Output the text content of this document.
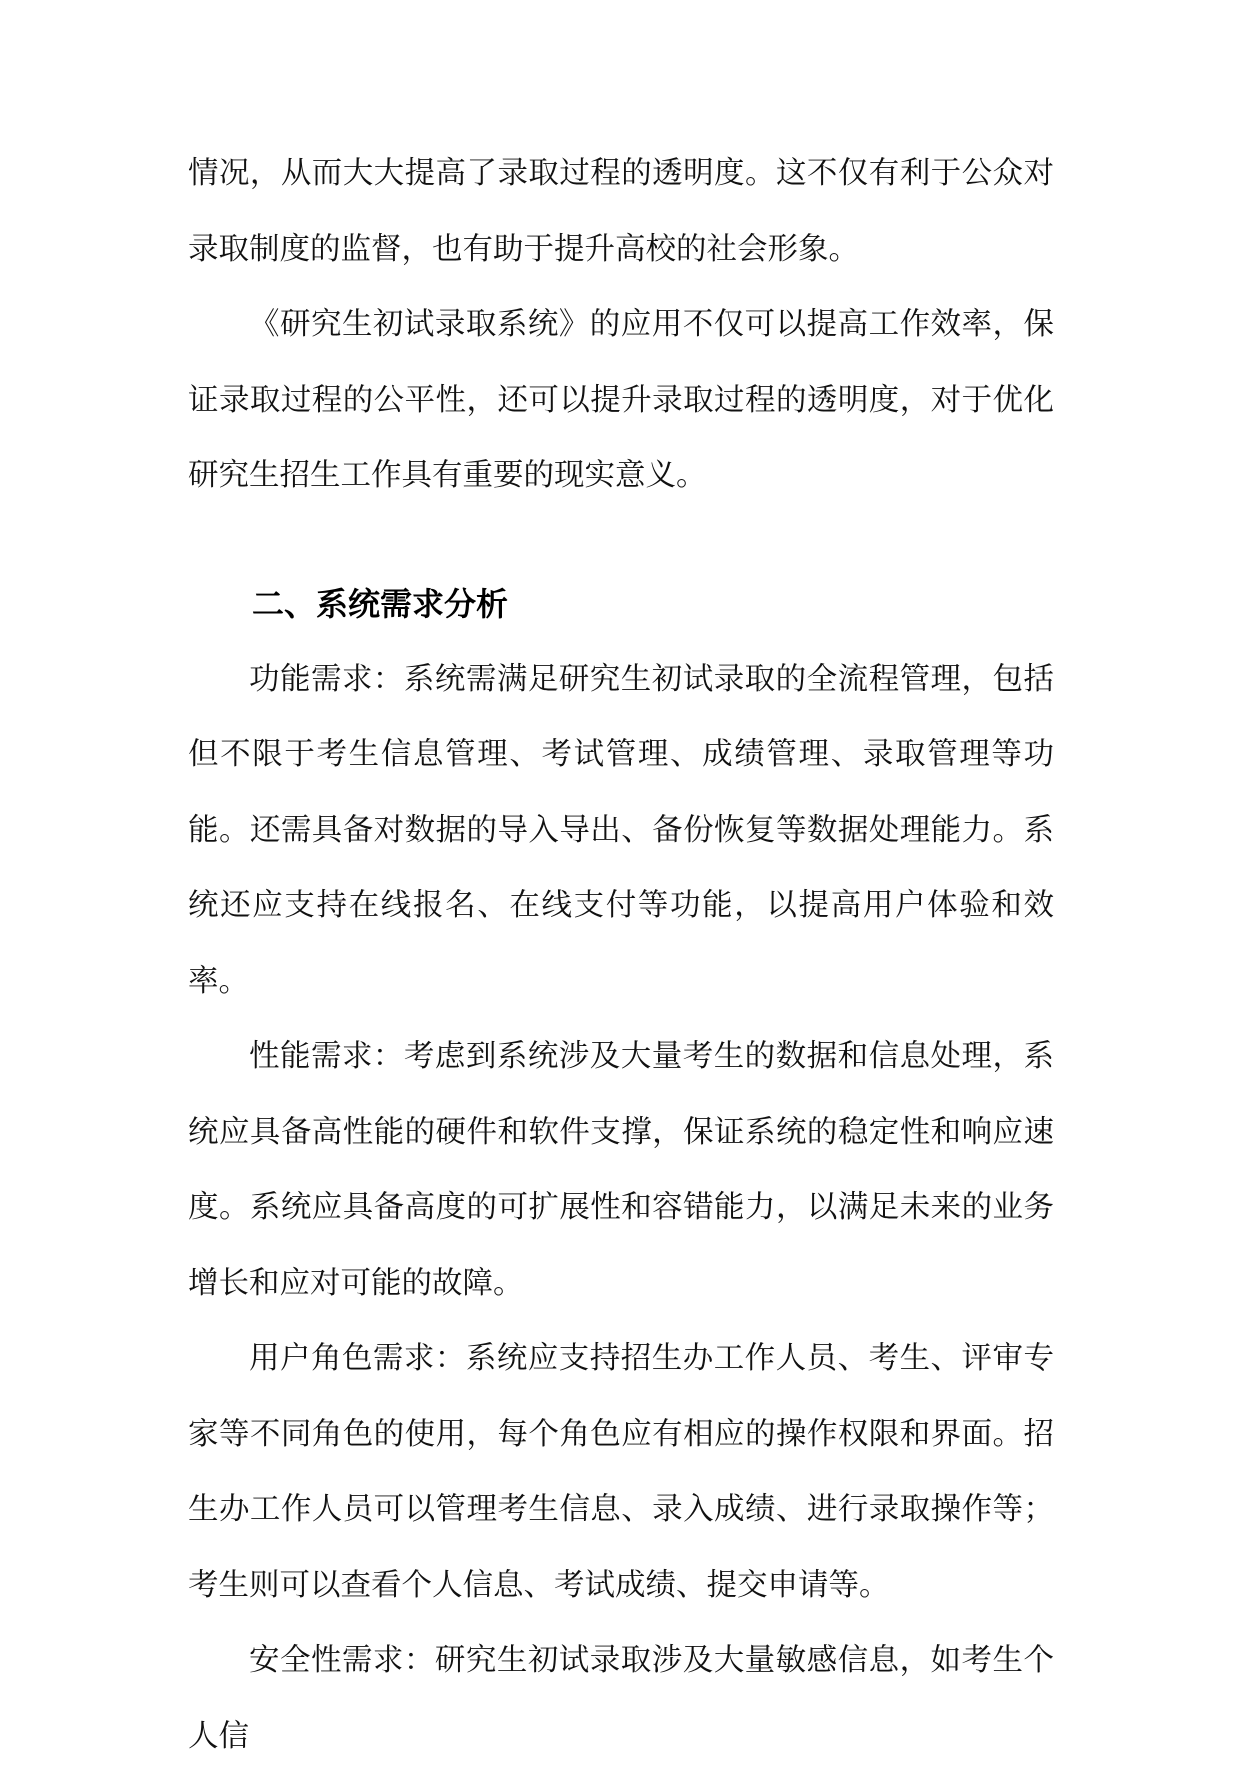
情况，从而大大提高了录取过程的透明度。这不仅有利于公众对录取制度的监督，也有助于提升高校的社会形象。

《研究生初试录取系统》的应用不仅可以提高工作效率，保证录取过程的公平性，还可以提升录取过程的透明度，对于优化研究生招生工作具有重要的现实意义。

二、系统需求分析

功能需求：系统需满足研究生初试录取的全流程管理，包括但不限于考生信息管理、考试管理、成绩管理、录取管理等功能。还需具备对数据的导入导出、备份恢复等数据处理能力。系统还应支持在线报名、在线支付等功能，以提高用户体验和效率。

性能需求：考虑到系统涉及大量考生的数据和信息处理，系统应具备高性能的硬件和软件支撑，保证系统的稳定性和响应速度。系统应具备高度的可扩展性和容错能力，以满足未来的业务增长和应对可能的故障。

用户角色需求：系统应支持招生办工作人员、考生、评审专家等不同角色的使用，每个角色应有相应的操作权限和界面。招生办工作人员可以管理考生信息、录入成绩、进行录取操作等；考生则可以查看个人信息、考试成绩、提交申请等。

安全性需求：研究生初试录取涉及大量敏感信息，如考生个人信
